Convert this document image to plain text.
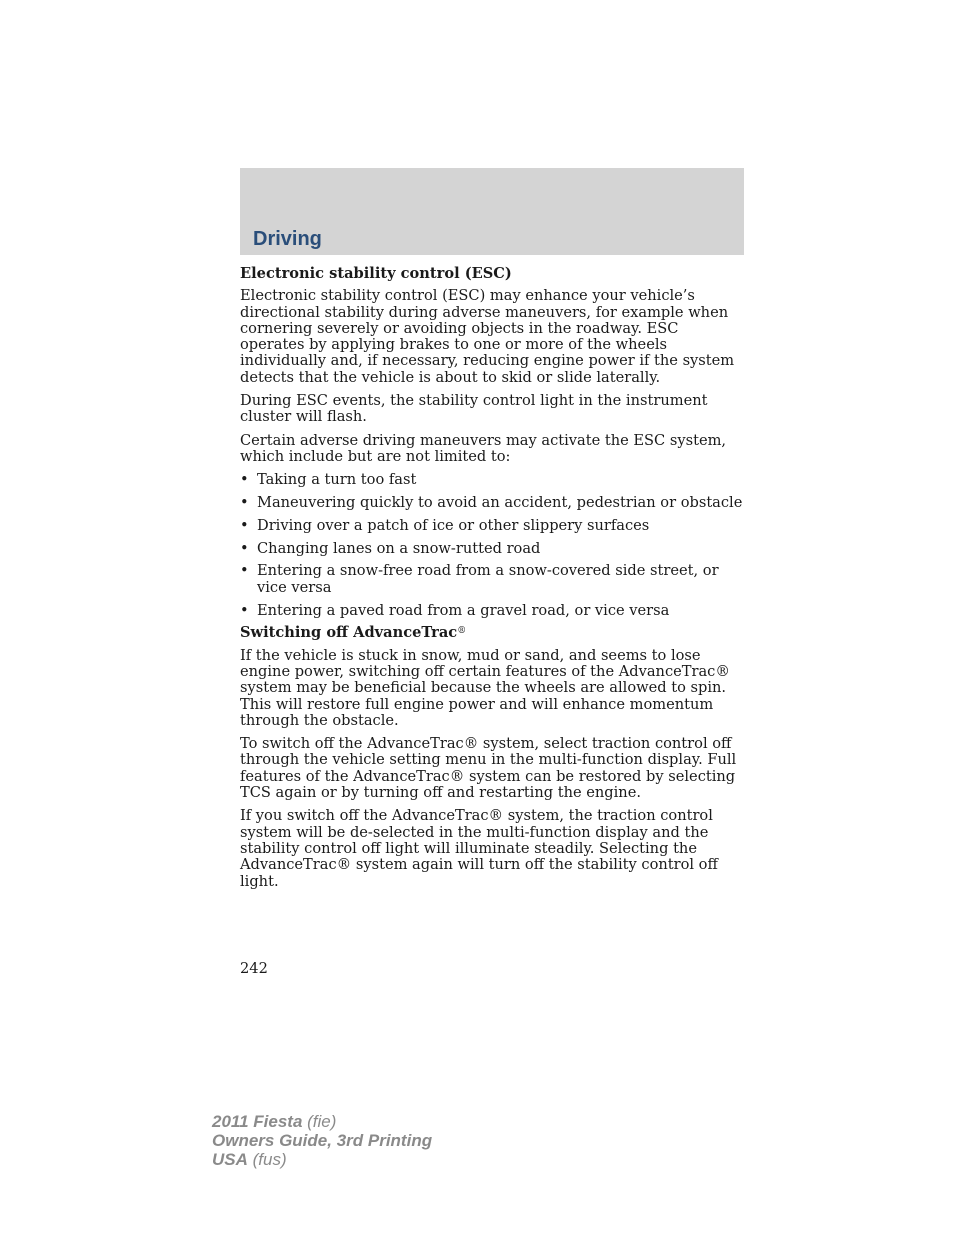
Driving
Electronic stability control (ESC)

Electronic stability control (ESC) may enhance your vehicle’s directional stability during adverse maneuvers, for example when cornering severely or avoiding objects in the roadway. ESC operates by applying brakes to one or more of the wheels individually and, if necessary, reducing engine power if the system detects that the vehicle is about to skid or slide laterally.

During ESC events, the stability control light in the instrument cluster will flash.

Certain adverse driving maneuvers may activate the ESC system, which include but are not limited to:

• Taking a turn too fast
• Maneuvering quickly to avoid an accident, pedestrian or obstacle
• Driving over a patch of ice or other slippery surfaces
• Changing lanes on a snow-rutted road
• Entering a snow-free road from a snow-covered side street, or vice versa
• Entering a paved road from a gravel road, or vice versa
Switching off AdvanceTrac®

If the vehicle is stuck in snow, mud or sand, and seems to lose engine power, switching off certain features of the AdvanceTrac® system may be beneficial because the wheels are allowed to spin. This will restore full engine power and will enhance momentum through the obstacle.

To switch off the AdvanceTrac® system, select traction control off through the vehicle setting menu in the multi-function display. Full features of the AdvanceTrac® system can be restored by selecting TCS again or by turning off and restarting the engine.

If you switch off the AdvanceTrac® system, the traction control system will be de-selected in the multi-function display and the stability control off light will illuminate steadily. Selecting the AdvanceTrac® system again will turn off the stability control off light.

242
2011 Fiesta (fie)
Owners Guide, 3rd Printing
USA (fus)
